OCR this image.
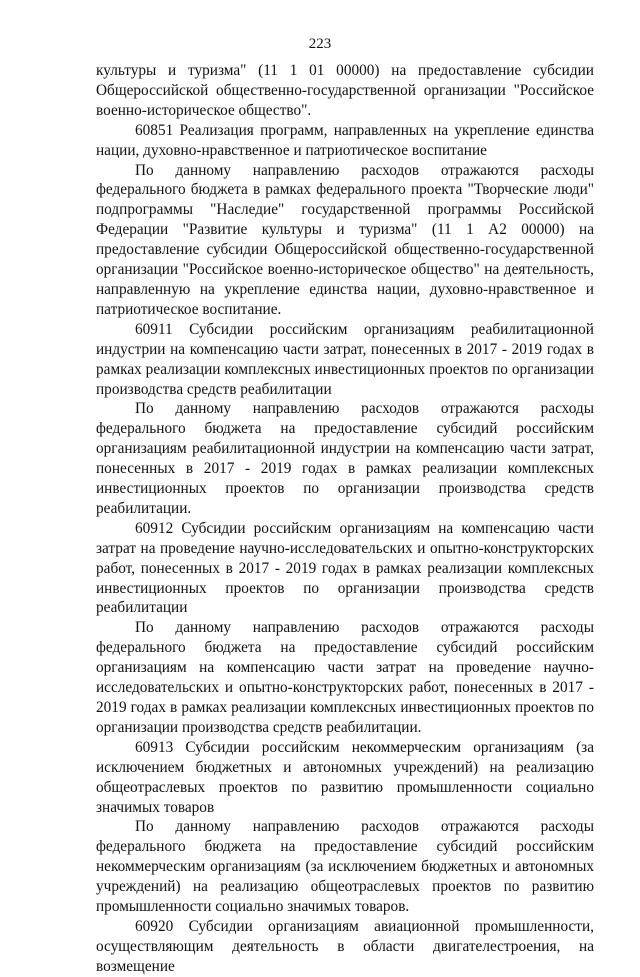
223

культуры и туризма" (11 1 01 00000) на предоставление субсидии Общероссийской общественно-государственной организации "Российское военно-историческое общество".

60851 Реализация программ, направленных на укрепление единства нации, духовно-нравственное и патриотическое воспитание

По данному направлению расходов отражаются расходы федерального бюджета в рамках федерального проекта "Творческие люди" подпрограммы "Наследие" государственной программы Российской Федерации "Развитие культуры и туризма" (11 1 A2 00000) на предоставление субсидии Общероссийской общественно-государственной организации "Российское военно-историческое общество" на деятельность, направленную на укрепление единства нации, духовно-нравственное и патриотическое воспитание.

60911 Субсидии российским организациям реабилитационной индустрии на компенсацию части затрат, понесенных в 2017 - 2019 годах в рамках реализации комплексных инвестиционных проектов по организации производства средств реабилитации

По данному направлению расходов отражаются расходы федерального бюджета на предоставление субсидий российским организациям реабилитационной индустрии на компенсацию части затрат, понесенных в 2017 - 2019 годах в рамках реализации комплексных инвестиционных проектов по организации производства средств реабилитации.

60912 Субсидии российским организациям на компенсацию части затрат на проведение научно-исследовательских и опытно-конструкторских работ, понесенных в 2017 - 2019 годах в рамках реализации комплексных инвестиционных проектов по организации производства средств реабилитации

По данному направлению расходов отражаются расходы федерального бюджета на предоставление субсидий российским организациям на компенсацию части затрат на проведение научно-исследовательских и опытно-конструкторских работ, понесенных в 2017 - 2019 годах в рамках реализации комплексных инвестиционных проектов по организации производства средств реабилитации.

60913 Субсидии российским некоммерческим организациям (за исключением бюджетных и автономных учреждений) на реализацию общеотраслевых проектов по развитию промышленности социально значимых товаров

По данному направлению расходов отражаются расходы федерального бюджета на предоставление субсидий российским некоммерческим организациям (за исключением бюджетных и автономных учреждений) на реализацию общеотраслевых проектов по развитию промышленности социально значимых товаров.

60920 Субсидии организациям авиационной промышленности, осуществляющим деятельность в области двигателестроения, на возмещение
